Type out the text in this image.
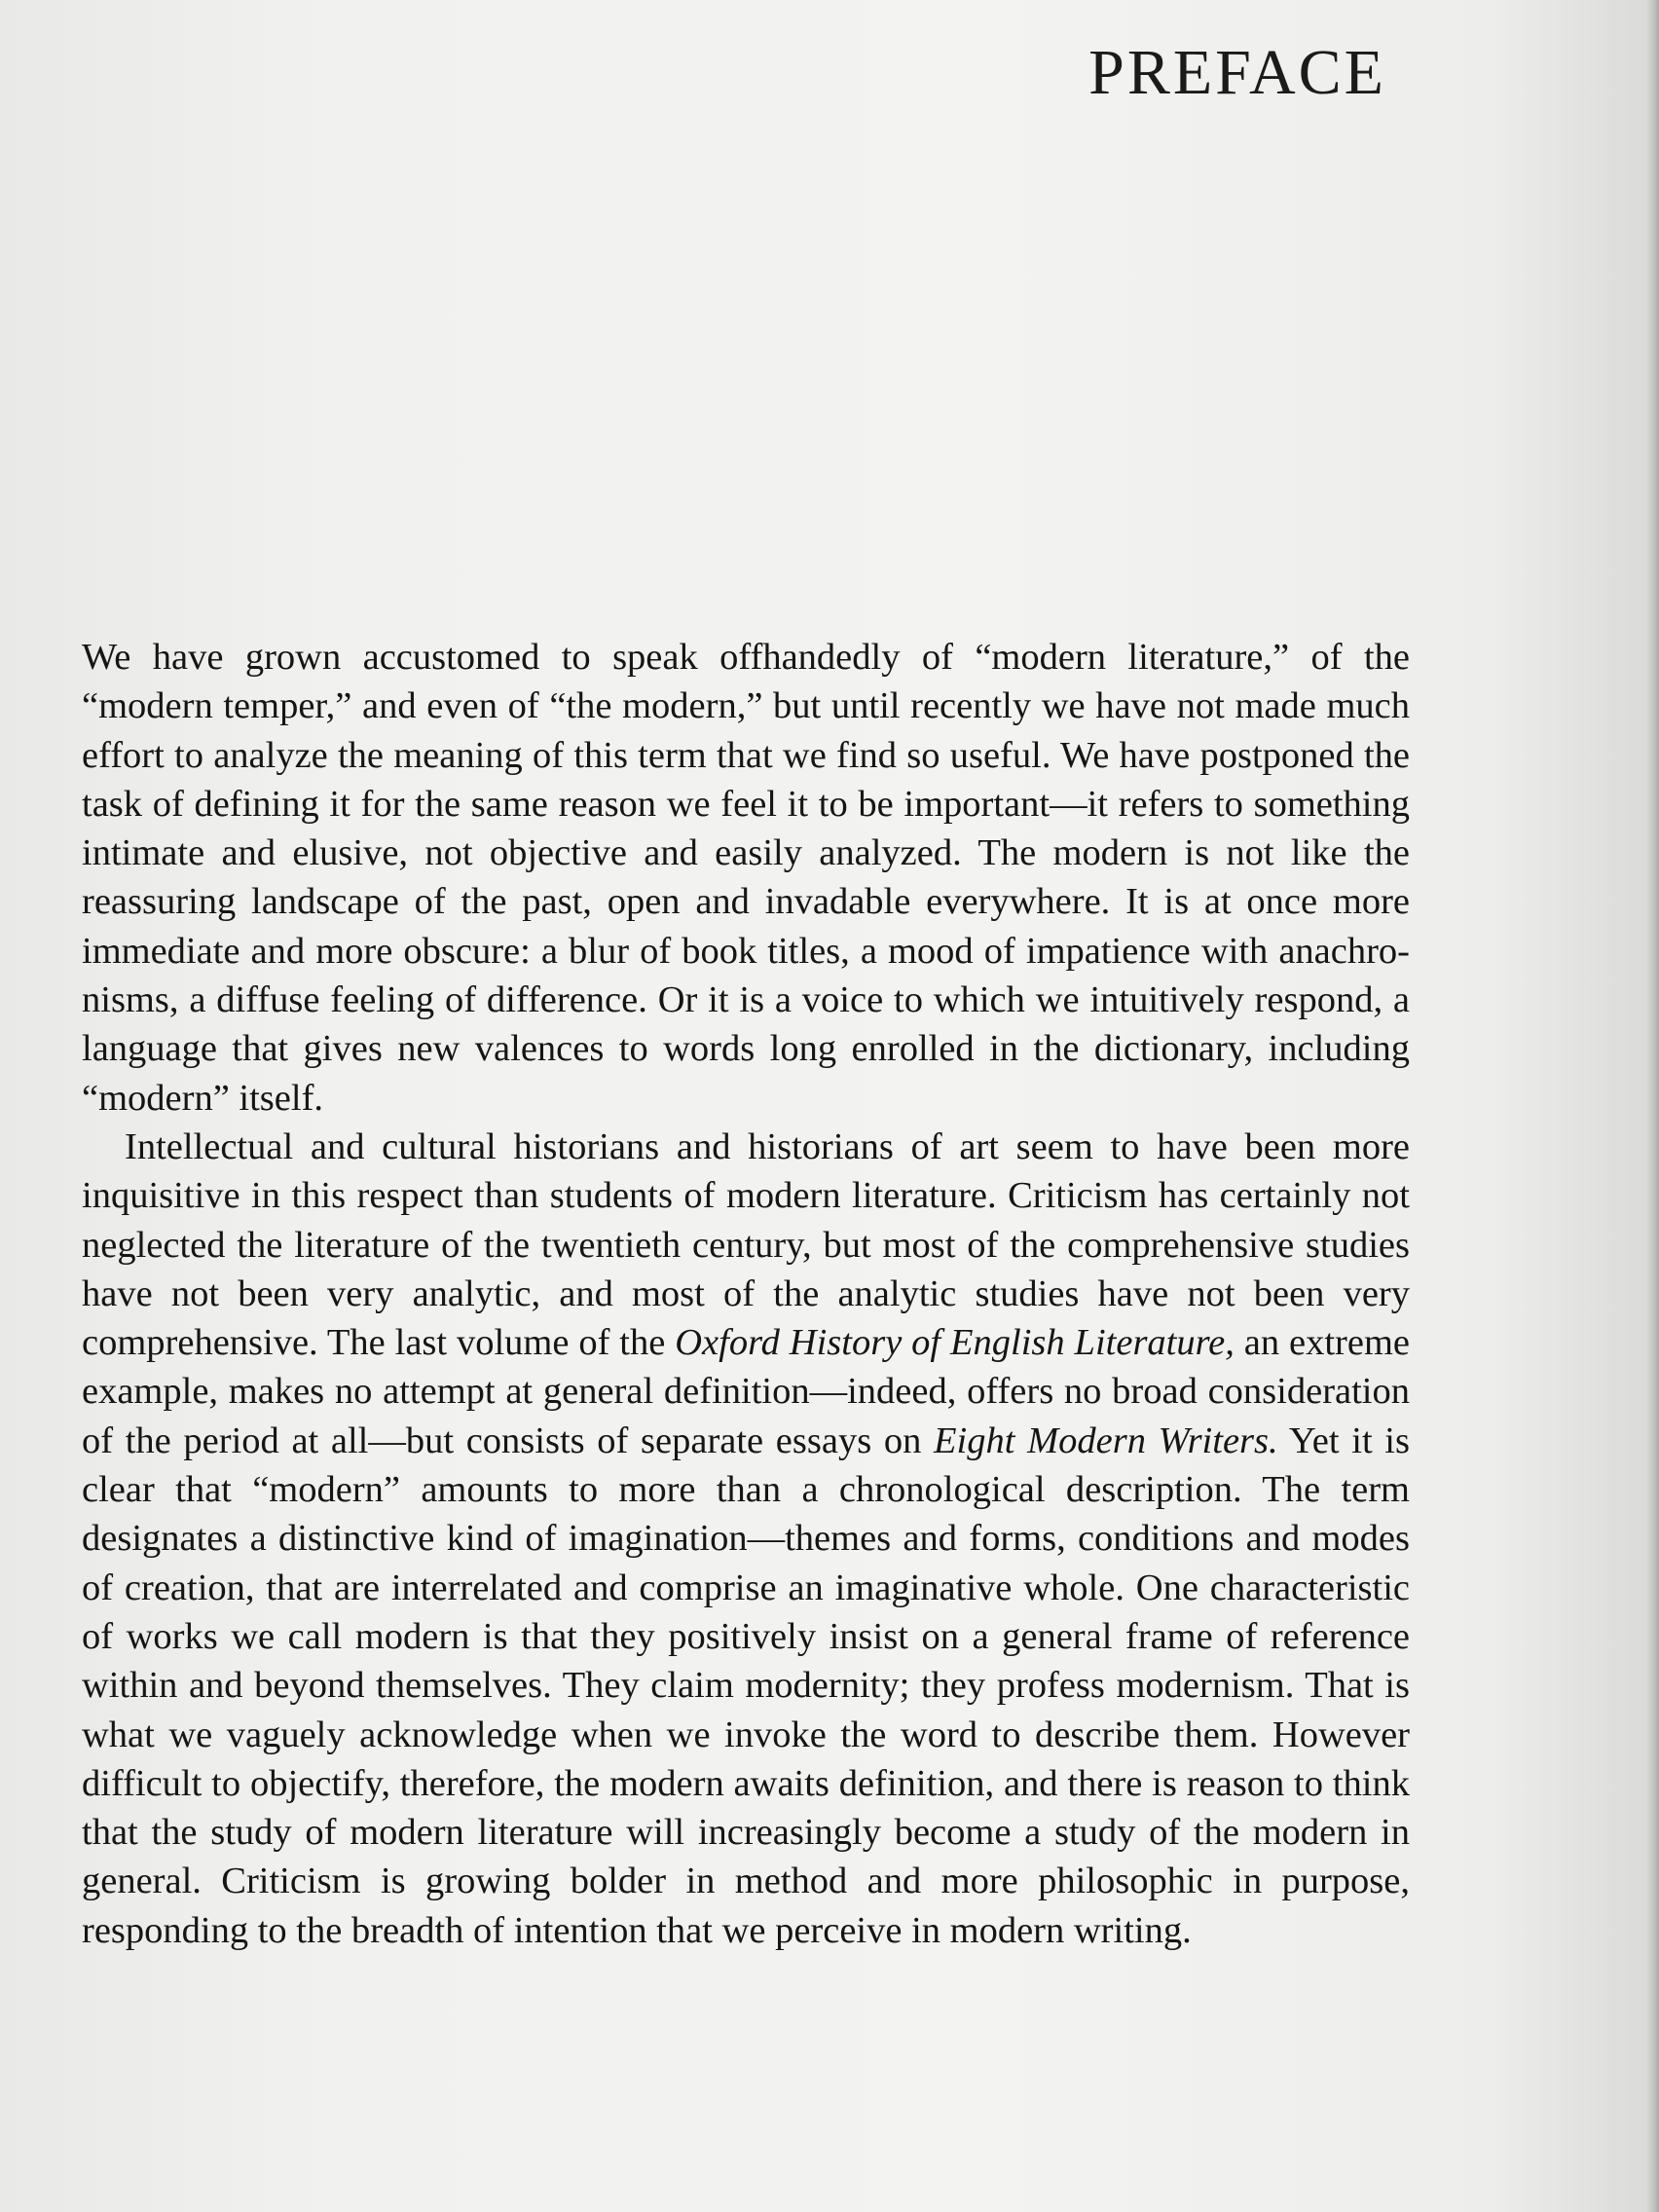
PREFACE

We have grown accustomed to speak offhandedly of “modern literature,” of the “modern temper,” and even of “the modern,” but until recently we have not made much effort to analyze the meaning of this term that we find so useful. We have postponed the task of defining it for the same reason we feel it to be important—it refers to something intimate and elusive, not objective and easily analyzed. The modern is not like the reassuring landscape of the past, open and invadable everywhere. It is at once more immediate and more obscure: a blur of book titles, a mood of impatience with anachronisms, a diffuse feeling of difference. Or it is a voice to which we intuitively respond, a language that gives new valences to words long enrolled in the dictionary, including “modern” itself.

Intellectual and cultural historians and historians of art seem to have been more inquisitive in this respect than students of modern literature. Criticism has certainly not neglected the literature of the twentieth century, but most of the comprehensive studies have not been very analytic, and most of the analytic studies have not been very comprehensive. The last volume of the Oxford History of English Literature, an extreme example, makes no attempt at general definition—indeed, offers no broad consideration of the period at all—but consists of separate essays on Eight Modern Writers. Yet it is clear that “modern” amounts to more than a chronological description. The term designates a distinctive kind of imagination—themes and forms, conditions and modes of creation, that are interrelated and comprise an imaginative whole. One characteristic of works we call modern is that they positively insist on a general frame of reference within and beyond themselves. They claim modernity; they profess modernism. That is what we vaguely acknowledge when we invoke the word to describe them. However difficult to objectify, therefore, the modern awaits definition, and there is reason to think that the study of modern literature will increasingly become a study of the modern in general. Criticism is growing bolder in method and more philosophic in purpose, responding to the breadth of intention that we perceive in modern writing.
